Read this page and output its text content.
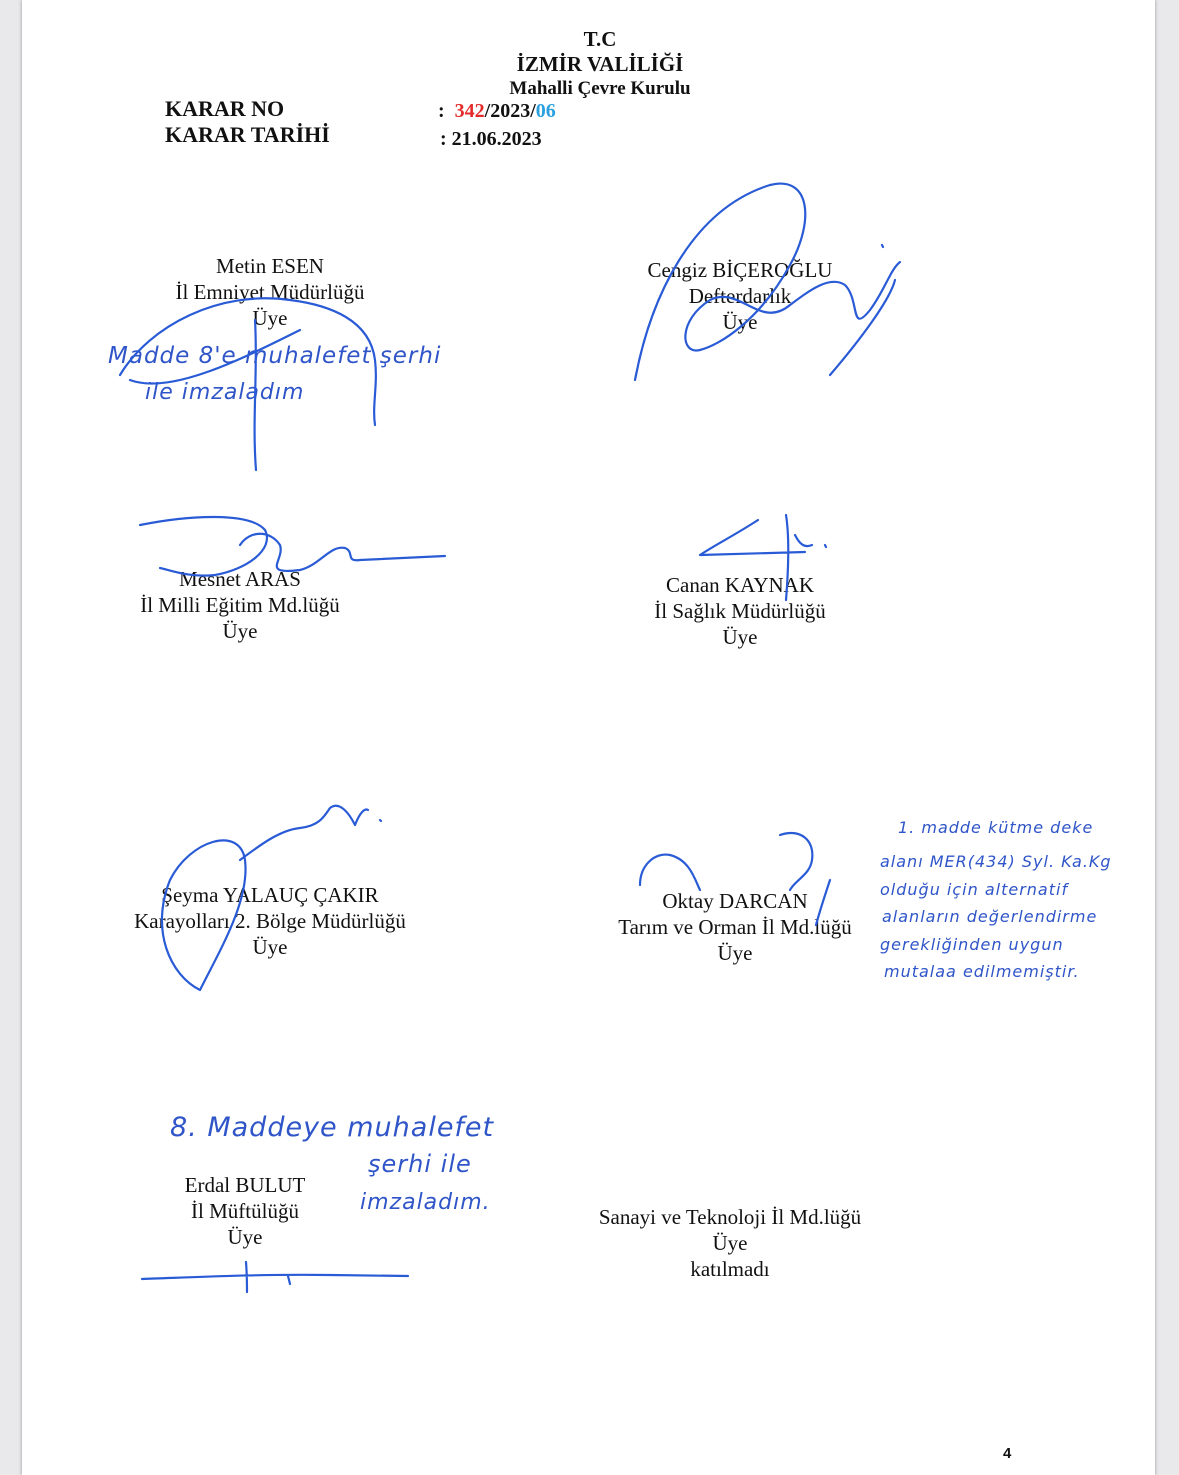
T.C
İZMİR VALİLİĞİ
Mahalli Çevre Kurulu
KARAR NO
KARAR TARİHİ
: 342/2023/06
: 21.06.2023
Metin ESEN
İl Emniyet Müdürlüğü
Üye
Cengiz BİÇEROĞLU
Defterdarlık
Üye
Mesnet ARAS
İl Milli Eğitim Md.lüğü
Üye
Canan KAYNAK
İl Sağlık Müdürlüğü
Üye
Şeyma YALAUÇ ÇAKIR
Karayolları 2. Bölge Müdürlüğü
Üye
Oktay DARCAN
Tarım ve Orman İl Md.lüğü
Üye
Erdal BULUT
İl Müftülüğü
Üye
Sanayi ve Teknoloji İl Md.lüğü
Üye
katılmadı
Madde 8'e muhalefet şerhi
ile imzaladım
1. madde kütme deke
alanı MER(434) Syl. Ka.Kg
olduğu için alternatif
alanların değerlendirme
gerekliğinden uygun
mutalaa edilmemiştir.
8. Maddeye muhalefet
şerhi ile
imzaladım.
4
